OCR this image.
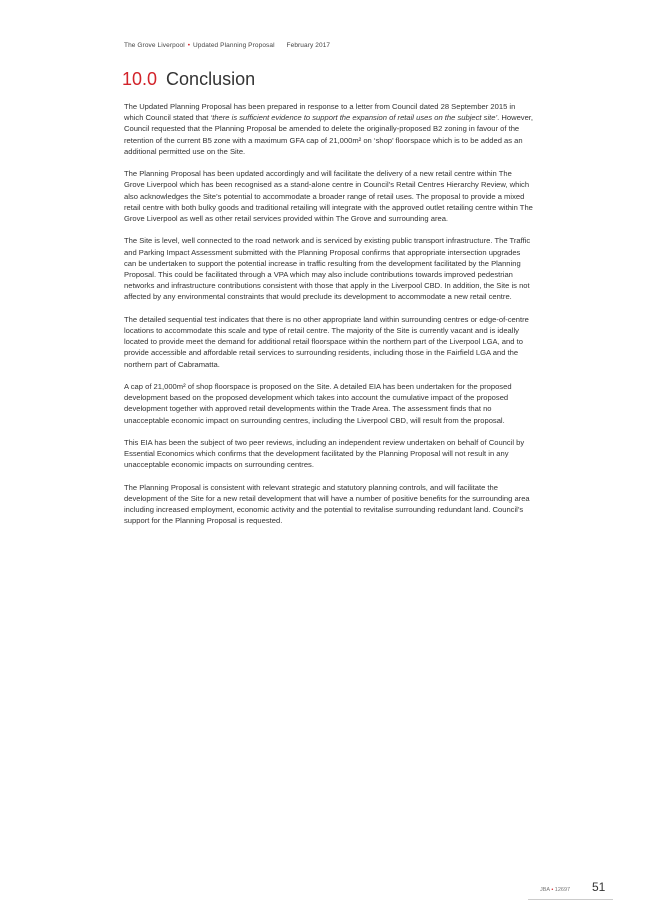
The Grove Liverpool • Updated Planning Proposal February 2017
10.0 Conclusion

The Updated Planning Proposal has been prepared in response to a letter from Council dated 28 September 2015 in which Council stated that ‘there is sufficient evidence to support the expansion of retail uses on the subject site’. However, Council requested that the Planning Proposal be amended to delete the originally-proposed B2 zoning in favour of the retention of the current B5 zone with a maximum GFA cap of 21,000m² on ‘shop’ floorspace which is to be added as an additional permitted use on the Site.

The Planning Proposal has been updated accordingly and will facilitate the delivery of a new retail centre within The Grove Liverpool which has been recognised as a stand-alone centre in Council’s Retail Centres Hierarchy Review, which also acknowledges the Site’s potential to accommodate a broader range of retail uses. The proposal to provide a mixed retail centre with both bulky goods and traditional retailing will integrate with the approved outlet retailing centre within The Grove Liverpool as well as other retail services provided within The Grove and surrounding area.

The Site is level, well connected to the road network and is serviced by existing public transport infrastructure. The Traffic and Parking Impact Assessment submitted with the Planning Proposal confirms that appropriate intersection upgrades can be undertaken to support the potential increase in traffic resulting from the development facilitated by the Planning Proposal. This could be facilitated through a VPA which may also include contributions towards improved pedestrian networks and infrastructure contributions consistent with those that apply in the Liverpool CBD. In addition, the Site is not affected by any environmental constraints that would preclude its development to accommodate a new retail centre.

The detailed sequential test indicates that there is no other appropriate land within surrounding centres or edge-of-centre locations to accommodate this scale and type of retail centre. The majority of the Site is currently vacant and is ideally located to provide meet the demand for additional retail floorspace within the northern part of the Liverpool LGA, and to provide accessible and affordable retail services to surrounding residents, including those in the Fairfield LGA and the northern part of Cabramatta.

A cap of 21,000m² of shop floorspace is proposed on the Site. A detailed EIA has been undertaken for the proposed development based on the proposed development which takes into account the cumulative impact of the proposed development together with approved retail developments within the Trade Area. The assessment finds that no unacceptable economic impact on surrounding centres, including the Liverpool CBD, will result from the proposal.

This EIA has been the subject of two peer reviews, including an independent review undertaken on behalf of Council by Essential Economics which confirms that the development facilitated by the Planning Proposal will not result in any unacceptable economic impacts on surrounding centres.

The Planning Proposal is consistent with relevant strategic and statutory planning controls, and will facilitate the development of the Site for a new retail development that will have a number of positive benefits for the surrounding area including increased employment, economic activity and the potential to revitalise surrounding redundant land. Council’s support for the Planning Proposal is requested.

JBA • 12697 51
